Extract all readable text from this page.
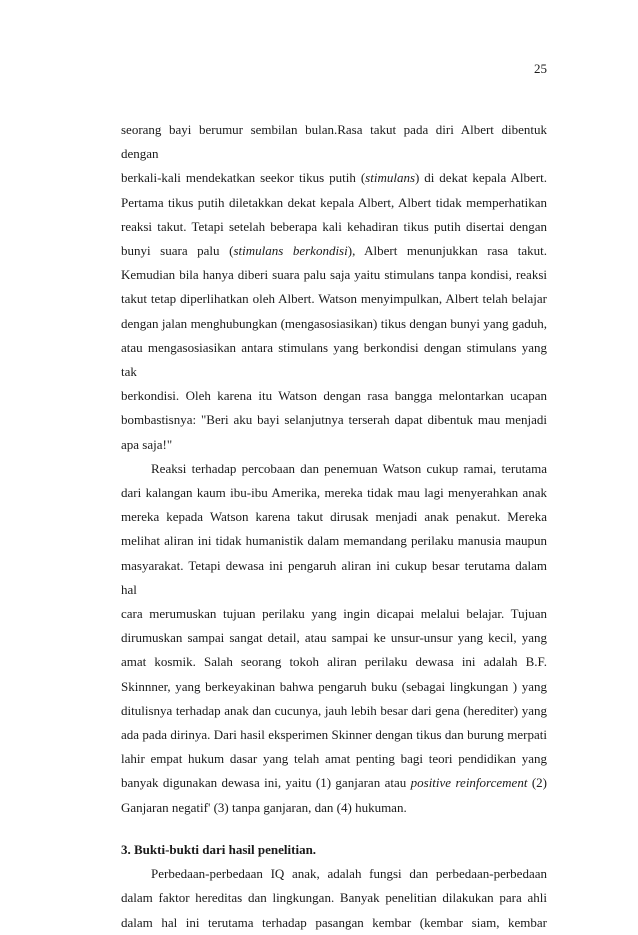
25

seorang bayi berumur sembilan bulan.Rasa takut pada diri Albert dibentuk dengan

berkali-kali mendekatkan seekor tikus putih (stimulans) di dekat kepala Albert.

Pertama tikus putih diletakkan dekat kepala Albert, Albert tidak memperhatikan

reaksi takut. Tetapi setelah beberapa kali kehadiran tikus putih disertai dengan

bunyi suara palu (stimulans berkondisi), Albert menunjukkan rasa takut.

Kemudian bila hanya diberi suara palu saja yaitu stimulans tanpa kondisi, reaksi

takut tetap diperlihatkan oleh Albert. Watson menyimpulkan, Albert telah belajar

dengan jalan menghubungkan (mengasosiasikan) tikus dengan bunyi yang gaduh,

atau mengasosiasikan antara stimulans yang berkondisi dengan stimulans yang tak

berkondisi. Oleh karena itu Watson dengan rasa bangga melontarkan ucapan

bombastisnya: "Beri aku bayi selanjutnya terserah dapat dibentuk mau menjadi

apa saja!"

Reaksi terhadap percobaan dan penemuan Watson cukup ramai, terutama

dari kalangan kaum ibu-ibu Amerika, mereka tidak mau lagi menyerahkan anak

mereka kepada Watson karena takut dirusak menjadi anak penakut. Mereka

melihat aliran ini tidak humanistik dalam memandang perilaku manusia maupun

masyarakat. Tetapi dewasa ini pengaruh aliran ini cukup besar terutama dalam hal

cara merumuskan tujuan perilaku yang ingin dicapai melalui belajar. Tujuan

dirumuskan sampai sangat detail, atau sampai ke unsur-unsur yang kecil, yang

amat kosmik. Salah seorang tokoh aliran perilaku dewasa ini adalah B.F.

Skinnner, yang berkeyakinan bahwa pengaruh buku (sebagai lingkungan ) yang

ditulisnya terhadap anak dan cucunya, jauh lebih besar dari gena (herediter) yang

ada pada dirinya. Dari hasil eksperimen Skinner dengan tikus dan burung merpati

lahir empat hukum dasar yang telah amat penting bagi teori pendidikan yang

banyak digunakan dewasa ini, yaitu (1) ganjaran atau positive reinforcement (2)

Ganjaran negatif' (3) tanpa ganjaran, dan (4) hukuman.

3. Bukti-bukti dari hasil penelitian.

Perbedaan-perbedaan IQ anak, adalah fungsi dan perbedaan-perbedaan

dalam faktor hereditas dan lingkungan. Banyak penelitian dilakukan para ahli

dalam hal ini terutama terhadap pasangan kembar (kembar siam, kembar
